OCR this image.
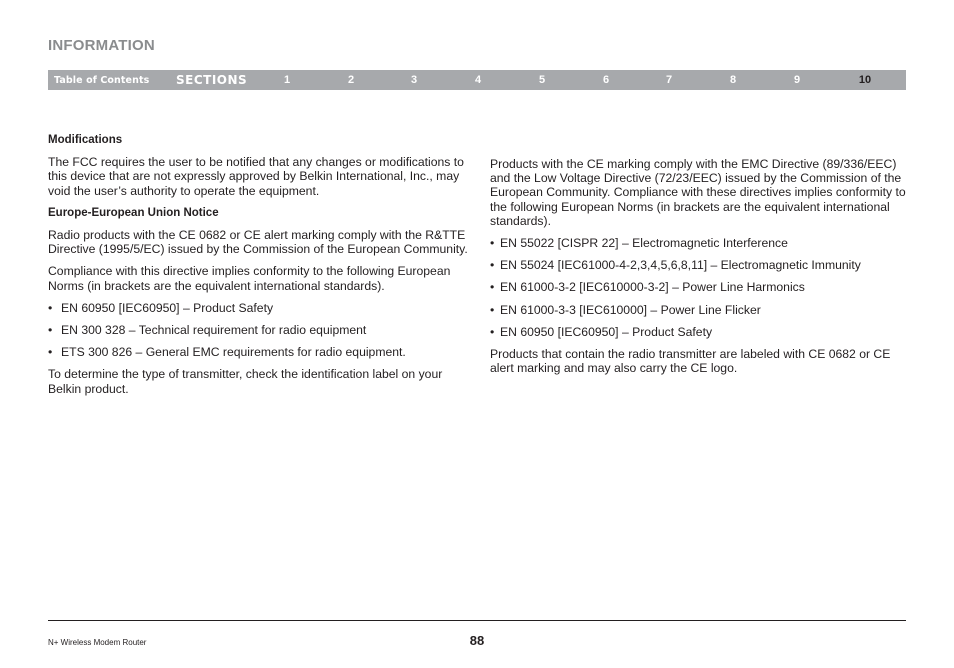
INFORMATION
Table of Contents SECTIONS	1	2	3	4	5	6	7	8	9	10
Modifications

The FCC requires the user to be notified that any changes or modifications to this device that are not expressly approved by Belkin International, Inc., may void the user’s authority to operate the equipment.

Europe-European Union Notice

Radio products with the CE 0682 or CE alert marking comply with the R&TTE Directive (1995/5/EC) issued by the Commission of the European Community.

Compliance with this directive implies conformity to the following European Norms (in brackets are the equivalent international standards).

• EN 60950 [IEC60950] – Product Safety
• EN 300 328 – Technical requirement for radio equipment
• ETS 300 826 – General EMC requirements for radio equipment.

To determine the type of transmitter, check the identification label on your Belkin product.

Products with the CE marking comply with the EMC Directive (89/336/EEC) and the Low Voltage Directive (72/23/EEC) issued by the Commission of the European Community. Compliance with these directives implies conformity to the following European Norms (in brackets are the equivalent international standards).

• EN 55022 [CISPR 22] – Electromagnetic Interference
• EN 55024 [IEC61000-4-2,3,4,5,6,8,11] – Electromagnetic Immunity
• EN 61000-3-2 [IEC610000-3-2] – Power Line Harmonics
• EN 61000-3-3 [IEC610000] – Power Line Flicker
• EN 60950 [IEC60950] – Product Safety

Products that contain the radio transmitter are labeled with CE 0682 or CE alert marking and may also carry the CE logo.

N+ Wireless Modem Router	88
